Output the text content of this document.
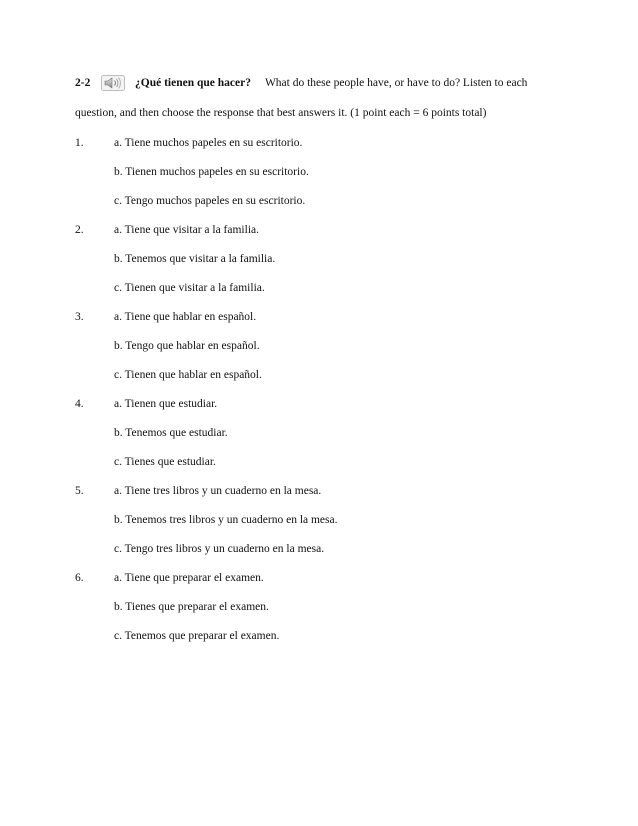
2-2	¿Qué tienen que hacer? What do these people have, or have to do? Listen to each
question, and then choose the response that best answers it. (1 point each = 6 points total)
1.	a. Tiene muchos papeles en su escritorio.
b. Tienen muchos papeles en su escritorio.
c. Tengo muchos papeles en su escritorio.
2.	a. Tiene que visitar a la familia.
b. Tenemos que visitar a la familia.
c. Tienen que visitar a la familia.
3.	a. Tiene que hablar en español.
b. Tengo que hablar en español.
c. Tienen que hablar en español.
4.	a. Tienen que estudiar.
b. Tenemos que estudiar.
c. Tienes que estudiar.
5.	a. Tiene tres libros y un cuaderno en la mesa.
b. Tenemos tres libros y un cuaderno en la mesa.
c. Tengo tres libros y un cuaderno en la mesa.
6.	a. Tiene que preparar el examen.
b. Tienes que preparar el examen.
c. Tenemos que preparar el examen.
